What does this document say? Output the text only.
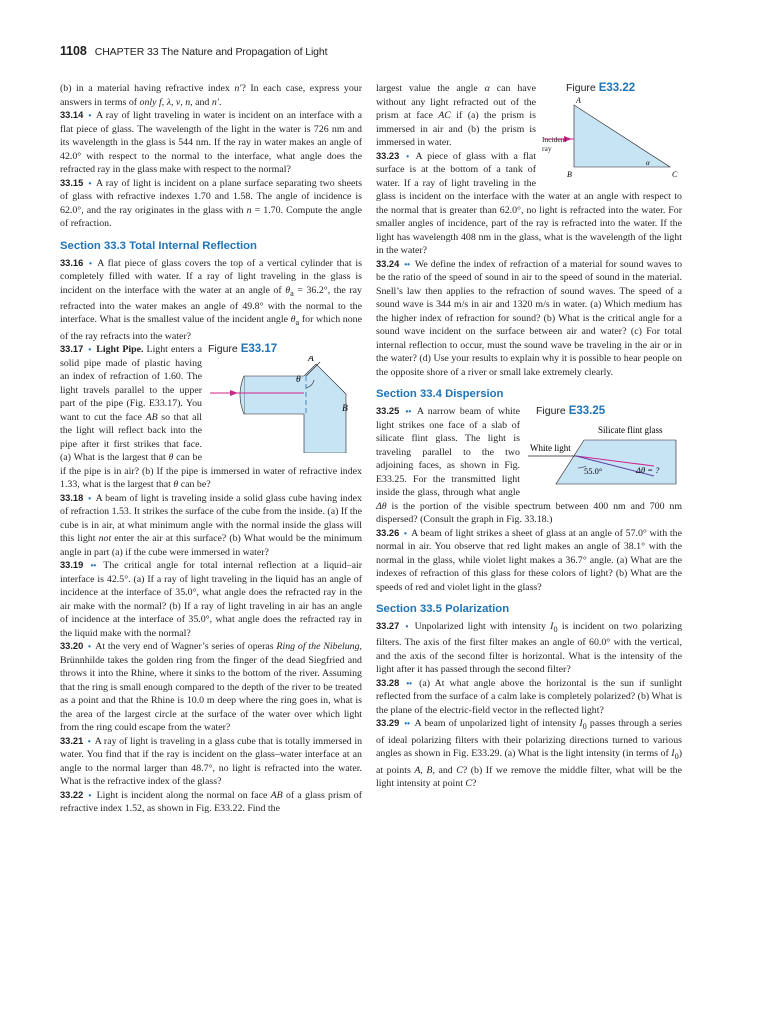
1108 CHAPTER 33 The Nature and Propagation of Light

(b) in a material having refractive index n′? In each case, express your answers in terms of only f, λ, v, n, and n′.

33.14 • A ray of light traveling in water is incident on an interface with a flat piece of glass. The wavelength of the light in the water is 726 nm and its wavelength in the glass is 544 nm. If the ray in water makes an angle of 42.0° with respect to the normal to the interface, what angle does the refracted ray in the glass make with respect to the normal?

33.15 • A ray of light is incident on a plane surface separating two sheets of glass with refractive indexes 1.70 and 1.58. The angle of incidence is 62.0°, and the ray originates in the glass with n = 1.70. Compute the angle of refraction.

Section 33.3 Total Internal Reflection

33.16 • A flat piece of glass covers the top of a vertical cylinder that is completely filled with water. If a ray of light traveling in the glass is incident on the interface with the water at an angle of $\theta_a = 36.2^\circ$, the ray refracted into the water makes an angle of 49.8° with the normal to the interface. What is the smallest value of the incident angle $\theta_a$ for which none of the ray refracts into the water?

Figure E33.17
A
θ
B
33.17 • Light Pipe. Light enters a solid pipe made of plastic having an index of refraction of 1.60. The light travels parallel to the upper part of the pipe (Fig. E33.17). You want to cut the face AB so that all the light will reflect back into the pipe after it first strikes that face. (a) What is the largest that θ can be if the pipe is in air? (b) If the pipe is immersed in water of refractive index 1.33, what is the largest that θ can be?

33.18 • A beam of light is traveling inside a solid glass cube having index of refraction 1.53. It strikes the surface of the cube from the inside. (a) If the cube is in air, at what minimum angle with the normal inside the glass will this light not enter the air at this surface? (b) What would be the minimum angle in part (a) if the cube were immersed in water?

33.19 •• The critical angle for total internal reflection at a liquid–air interface is 42.5°. (a) If a ray of light traveling in the liquid has an angle of incidence at the interface of 35.0°, what angle does the refracted ray in the air make with the normal? (b) If a ray of light traveling in air has an angle of incidence at the interface of 35.0°, what angle does the refracted ray in the liquid make with the normal?

33.20 • At the very end of Wagner’s series of operas Ring of the Nibelung, Brünnhilde takes the golden ring from the finger of the dead Siegfried and throws it into the Rhine, where it sinks to the bottom of the river. Assuming that the ring is small enough compared to the depth of the river to be treated as a point and that the Rhine is 10.0 m deep where the ring goes in, what is the area of the largest circle at the surface of the water over which light from the ring could escape from the water?

33.21 • A ray of light is traveling in a glass cube that is totally immersed in water. You find that if the ray is incident on the glass–water interface at an angle to the normal larger than 48.7°, no light is refracted into the water. What is the refractive index of the glass?

33.22 • Light is incident along the normal on face AB of a glass prism of refractive index 1.52, as shown in Fig. E33.22. Find the

Figure E33.22
A
B	C
α
Incident ray
largest value the angle α can have without any light refracted out of the prism at face AC if (a) the prism is immersed in air and (b) the prism is immersed in water.

33.23 • A piece of glass with a flat surface is at the bottom of a tank of water. If a ray of light traveling in the glass is incident on the interface with the water at an angle with respect to the normal that is greater than 62.0°, no light is refracted into the water. For smaller angles of incidence, part of the ray is refracted into the water. If the light has wavelength 408 nm in the glass, what is the wavelength of the light in the water?

33.24 •• We define the index of refraction of a material for sound waves to be the ratio of the speed of sound in air to the speed of sound in the material. Snell’s law then applies to the refraction of sound waves. The speed of a sound wave is 344 m/s in air and 1320 m/s in water. (a) Which medium has the higher index of refraction for sound? (b) What is the critical angle for a sound wave incident on the surface between air and water? (c) For total internal reflection to occur, must the sound wave be traveling in the air or in the water? (d) Use your results to explain why it is possible to hear people on the opposite shore of a river or small lake extremely clearly.

Section 33.4 Dispersion

Figure E33.25
White light
Silicate flint glass
55.0°	Δθ = ?
33.25 •• A narrow beam of white light strikes one face of a slab of silicate flint glass. The light is traveling parallel to the two adjoining faces, as shown in Fig. E33.25. For the transmitted light inside the glass, through what angle Δθ is the portion of the visible spectrum between 400 nm and 700 nm dispersed? (Consult the graph in Fig. 33.18.)

33.26 • A beam of light strikes a sheet of glass at an angle of 57.0° with the normal in air. You observe that red light makes an angle of 38.1° with the normal in the glass, while violet light makes a 36.7° angle. (a) What are the indexes of refraction of this glass for these colors of light? (b) What are the speeds of red and violet light in the glass?

Section 33.5 Polarization

33.27 • Unpolarized light with intensity $I_0$ is incident on two polarizing filters. The axis of the first filter makes an angle of 60.0° with the vertical, and the axis of the second filter is horizontal. What is the intensity of the light after it has passed through the second filter?

33.28 •• (a) At what angle above the horizontal is the sun if sunlight reflected from the surface of a calm lake is completely polarized? (b) What is the plane of the electric-field vector in the reflected light?

33.29 •• A beam of unpolarized light of intensity $I_0$ passes through a series of ideal polarizing filters with their polarizing directions turned to various angles as shown in Fig. E33.29. (a) What is the light intensity (in terms of $I_0$) at points A, B, and C? (b) If we remove the middle filter, what will be the light intensity at point C?
